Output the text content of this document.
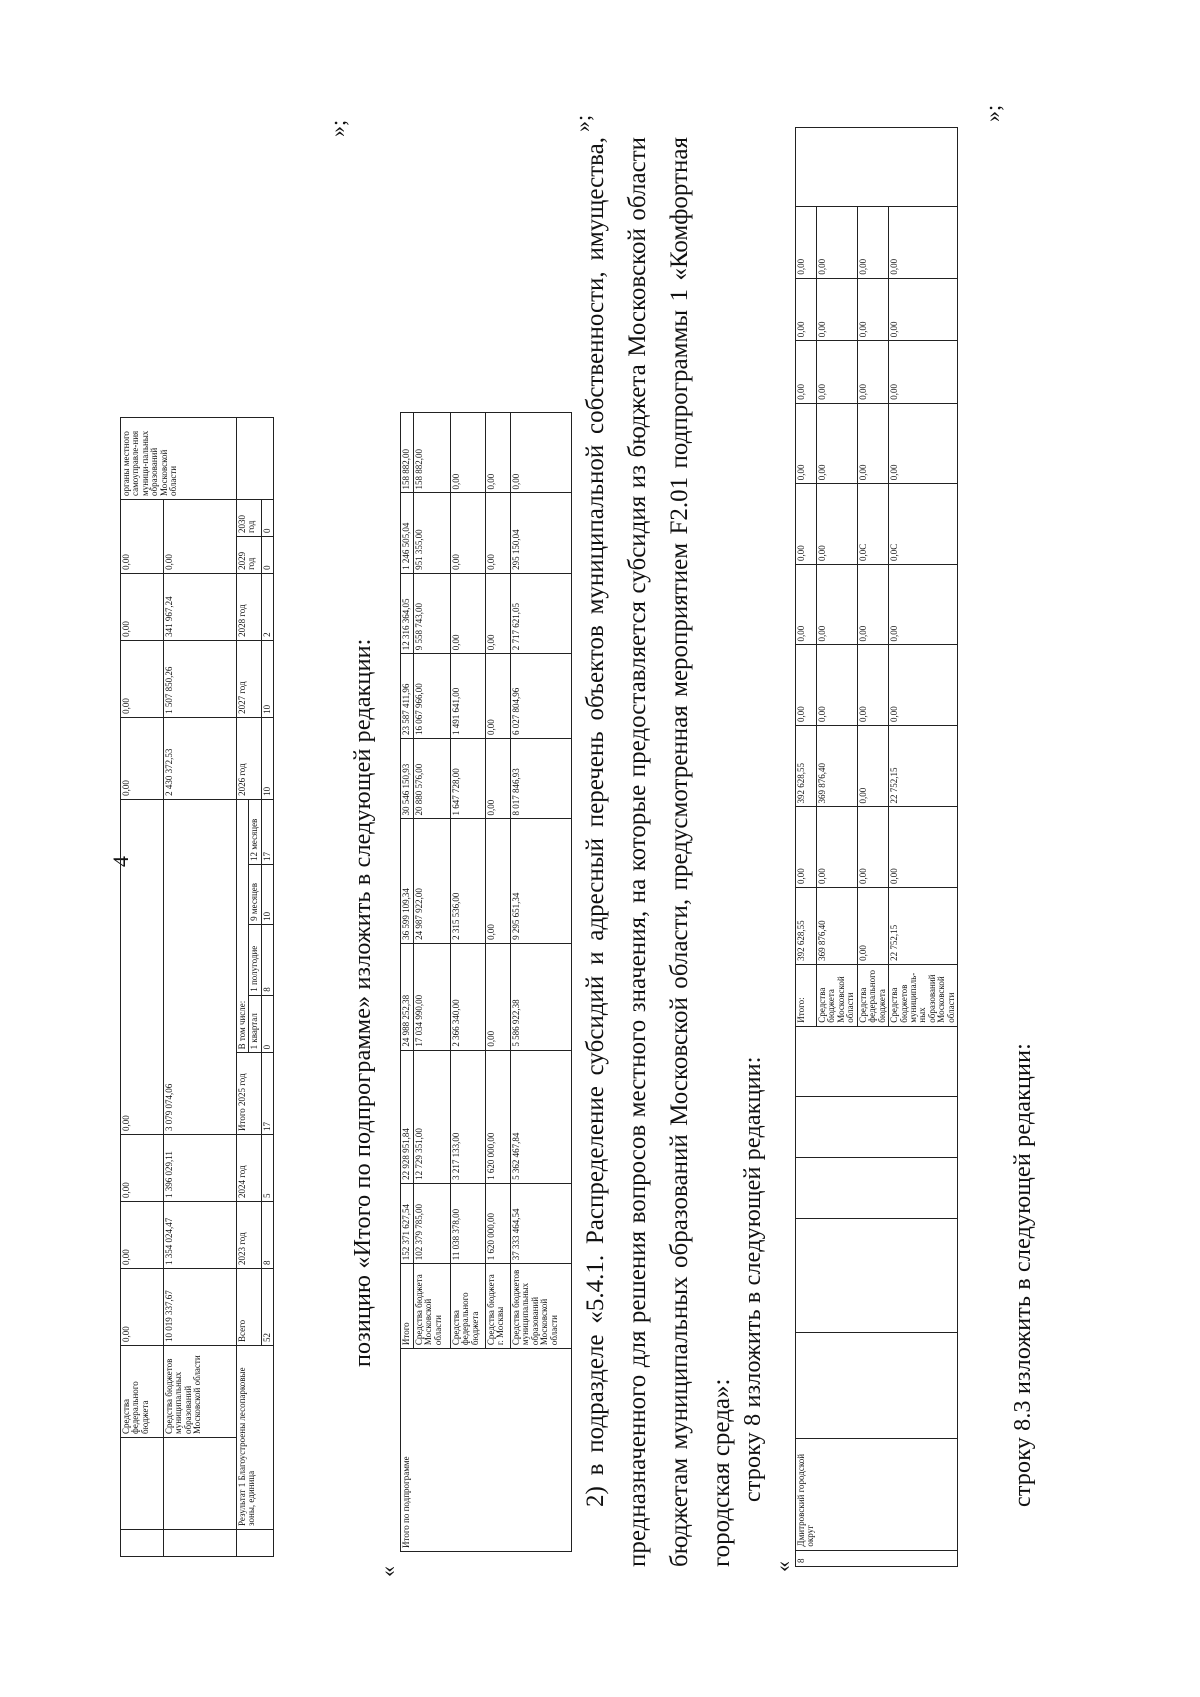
4
		Средства федерального бюджета	0,00	0,00	0,00	0,00					0,00	0,00	0,00	0,00		органы местного самоуправле-ния муници-пальных образований Московской области
		Средства бюджетов муниципальных образований Московской области	10 019 337,67	1 354 024,47	1 396 029,11	3 079 074,06					2 430 372,53	1 507 850,26	341 967,24	0,00		
	Результат 1 Благоустроены лесопарковые зоны, единица		Всего	2023 год	2024 год	Итого 2025 год	В том числе:				2026 год	2027 год	2028 год	2029 год	2030 год	
							1 квартал	1 полугодие	9 месяцев	12 месяцев						
			52	8	5	17	0	8	10	17	10	10	2	0	0	
позицию «Итого по подпрограмме» изложить в следующей редакции:
«
»;
Итого по подпрограмме	Итого	152 371 627,54	22 928 951,84	24 988 252,38	36 599 109,34	30 546 150,93	23 587 411,96	12 316 364,05	1 246 505,04	158 882,00
	Средства бюджета Московской области	102 379 785,00	12 729 351,00	17 034 990,00	24 987 922,00	20 880 576,00	16 067 966,00	9 558 743,00	951 355,00	158 882,00
	Средства федерального бюджета	11 038 378,00	3 217 133,00	2 366 340,00	2 315 536,00	1 647 728,00	1 491 641,00	0,00	0,00	0,00
	Средства бюджета г. Москвы	1 620 000,00	1 620 000,00	0,00	0,00	0,00	0,00	0,00	0,00	0,00
	Средства бюджетов муниципальных образований Московской области	37 333 464,54	5 362 467,84	5 586 922,38	9 295 651,34	8 017 846,93	6 027 804,96	2 717 621,05	295 150,04	0,00
»;
2) в подразделе «5.4.1. Распределение субсидий и адресный перечень объектов муниципальной собственности, имущества, предназначенного для решения вопросов местного значения, на которые предоставляется субсидия из бюджета Московской области бюджетам муниципальных образований Московской области, предусмотренная мероприятием F2.01 подпрограммы 1 «Комфортная городская среда»: строку 8 изложить в следующей редакции:
«
»;
8	Дмитровский городской округ						Итого:	392 628,55	0,00	392 628,55	0,00	0,00	0,00	0,00	0,00	0,00	0,00	
							Средства бюджета Московской области	369 876,40	0,00	369 876,40	0,00	0,00	0,00	0,00	0,00	0,00	0,00	
							Средства федерального бюджета	0,00	0,00	0,00	0,00	0,00	0,0С	0,00	0,00	0,00	0,00	
							Средства бюджетов муниципаль-ных образований Московской области	22 752,15	0,00	22 752,15	0,00	0,00	0,0С	0,00	0,00	0,00	0,00	
строку 8.3 изложить в следующей редакции:
